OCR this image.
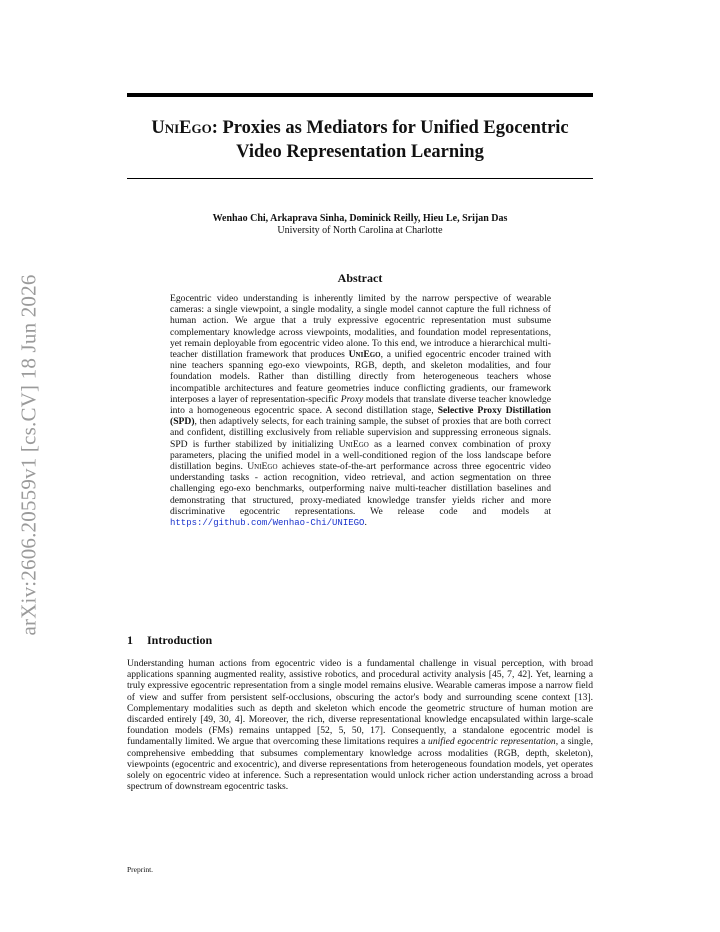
arXiv:2606.20559v1 [cs.CV] 18 Jun 2026
UniEgo: Proxies as Mediators for Unified Egocentric Video Representation Learning
Wenhao Chi, Arkaprava Sinha, Dominick Reilly, Hieu Le, Srijan Das
University of North Carolina at Charlotte
Abstract
Egocentric video understanding is inherently limited by the narrow perspective of wearable cameras: a single viewpoint, a single modality, a single model cannot capture the full richness of human action. We argue that a truly expressive egocentric representation must subsume complementary knowledge across viewpoints, modalities, and foundation model representations, yet remain deployable from egocentric video alone. To this end, we introduce a hierarchical multi-teacher distillation framework that produces UniEgo, a unified egocentric encoder trained with nine teachers spanning ego-exo viewpoints, RGB, depth, and skeleton modalities, and four foundation models. Rather than distilling directly from heterogeneous teachers whose incompatible architectures and feature geometries induce conflicting gradients, our framework interposes a layer of representation-specific Proxy models that translate diverse teacher knowledge into a homogeneous egocentric space. A second distillation stage, Selective Proxy Distillation (SPD), then adaptively selects, for each training sample, the subset of proxies that are both correct and confident, distilling exclusively from reliable supervision and suppressing erroneous signals. SPD is further stabilized by initializing UniEgo as a learned convex combination of proxy parameters, placing the unified model in a well-conditioned region of the loss landscape before distillation begins. UniEgo achieves state-of-the-art performance across three egocentric video understanding tasks - action recognition, video retrieval, and action segmentation on three challenging ego-exo benchmarks, outperforming naive multi-teacher distillation baselines and demonstrating that structured, proxy-mediated knowledge transfer yields richer and more discriminative egocentric representations. We release code and models at https://github.com/Wenhao-Chi/UNIEGO.
1 Introduction
Understanding human actions from egocentric video is a fundamental challenge in visual perception, with broad applications spanning augmented reality, assistive robotics, and procedural activity analysis [45, 7, 42]. Yet, learning a truly expressive egocentric representation from a single model remains elusive. Wearable cameras impose a narrow field of view and suffer from persistent self-occlusions, obscuring the actor's body and surrounding scene context [13]. Complementary modalities such as depth and skeleton which encode the geometric structure of human motion are discarded entirely [49, 30, 4]. Moreover, the rich, diverse representational knowledge encapsulated within large-scale foundation models (FMs) remains untapped [52, 5, 50, 17]. Consequently, a standalone egocentric model is fundamentally limited. We argue that overcoming these limitations requires a unified egocentric representation, a single, comprehensive embedding that subsumes complementary knowledge across modalities (RGB, depth, skeleton), viewpoints (egocentric and exocentric), and diverse representations from heterogeneous foundation models, yet operates solely on egocentric video at inference. Such a representation would unlock richer action understanding across a broad spectrum of downstream egocentric tasks.
Preprint.
